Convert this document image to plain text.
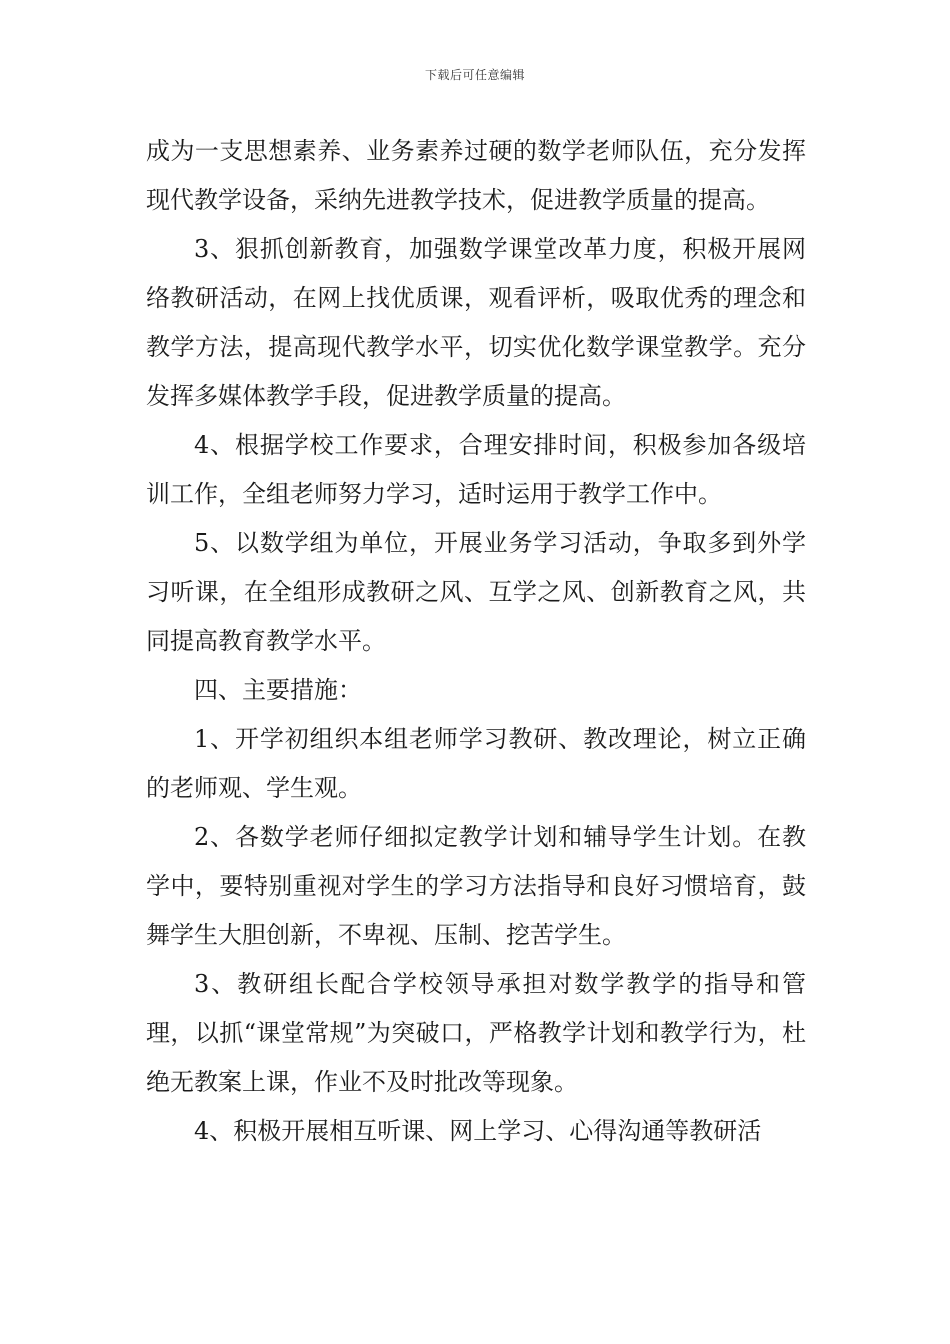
下载后可任意编辑

成为一支思想素养、业务素养过硬的数学老师队伍，充分发挥现代教学设备，采纳先进教学技术，促进教学质量的提高。

3、狠抓创新教育，加强数学课堂改革力度，积极开展网络教研活动，在网上找优质课，观看评析，吸取优秀的理念和教学方法，提高现代教学水平，切实优化数学课堂教学。充分发挥多媒体教学手段，促进教学质量的提高。

4、根据学校工作要求，合理安排时间，积极参加各级培训工作，全组老师努力学习，适时运用于教学工作中。

5、以数学组为单位，开展业务学习活动，争取多到外学习听课，在全组形成教研之风、互学之风、创新教育之风，共同提高教育教学水平。

四、主要措施：

1、开学初组织本组老师学习教研、教改理论，树立正确的老师观、学生观。

2、各数学老师仔细拟定教学计划和辅导学生计划。在教学中，要特别重视对学生的学习方法指导和良好习惯培育，鼓舞学生大胆创新，不卑视、压制、挖苦学生。

3、教研组长配合学校领导承担对数学教学的指导和管理，以抓“课堂常规”为突破口，严格教学计划和教学行为，杜绝无教案上课，作业不及时批改等现象。

4、积极开展相互听课、网上学习、心得沟通等教研活
